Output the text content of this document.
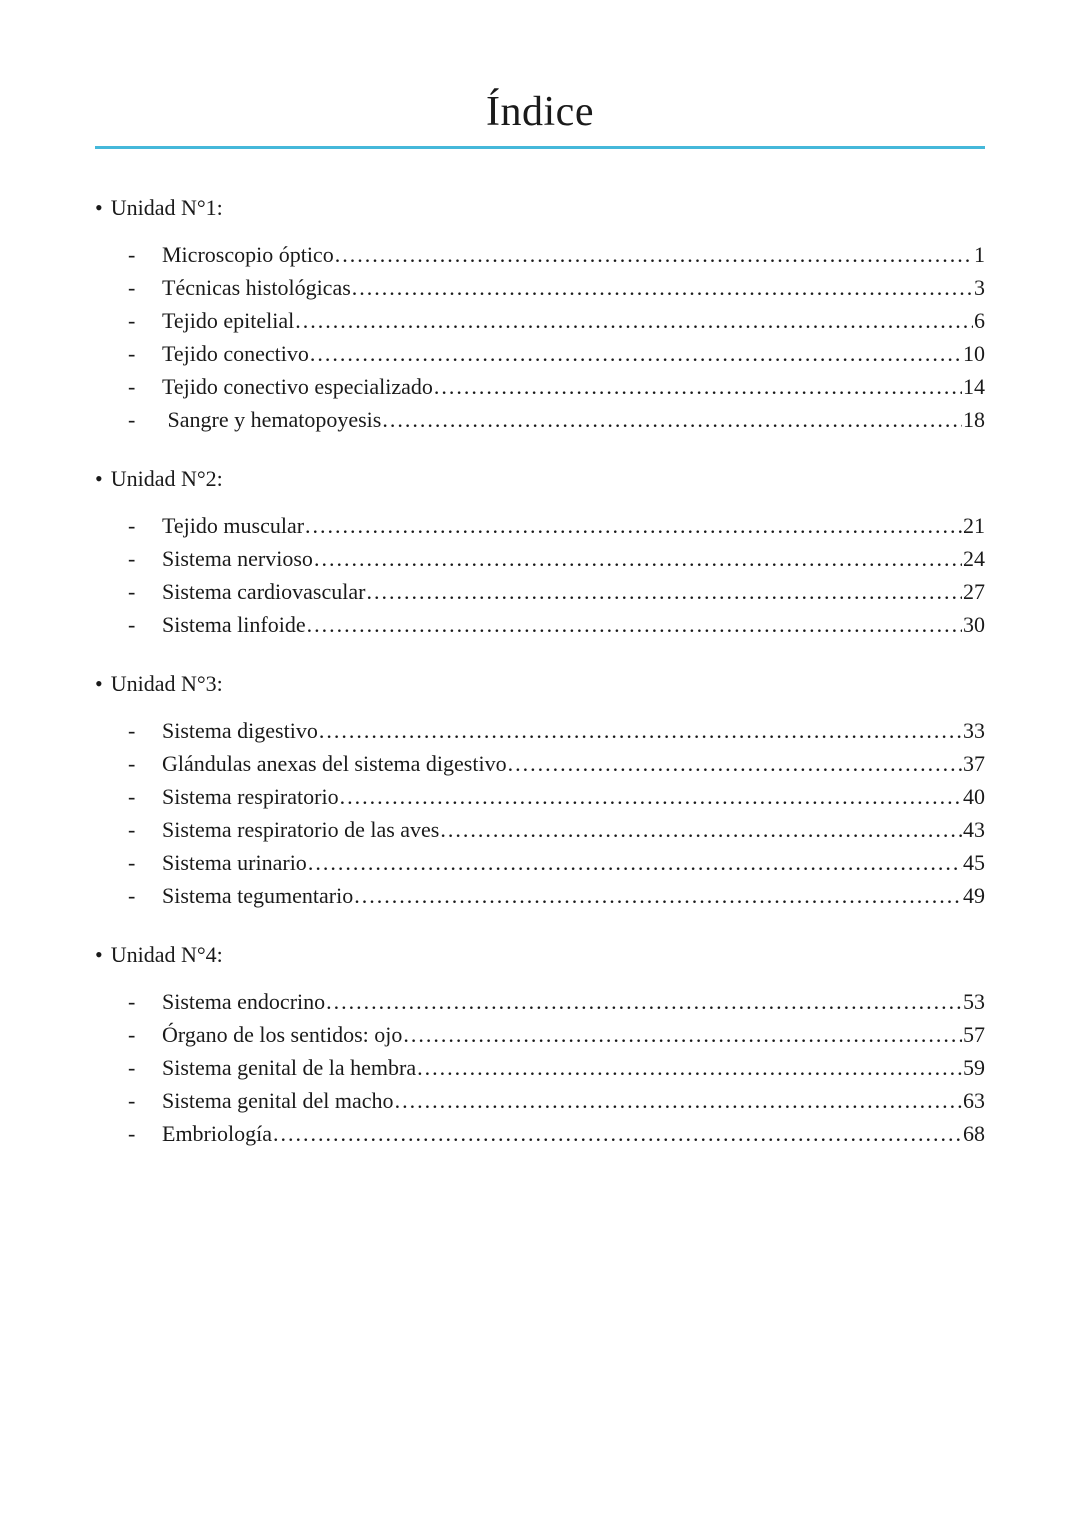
Índice
• Unidad N°1:
-	Microscopio óptico .....	1
-	Técnicas histológicas .....	3
-	Tejido epitelial .....	6
-	Tejido conectivo .....	10
-	Tejido conectivo especializado .....	14
-	Sangre y hematopoyesis .....	18
• Unidad N°2:
-	Tejido muscular .....	21
-	Sistema nervioso .....	24
-	Sistema cardiovascular .....	27
-	Sistema linfoide .....	30
• Unidad N°3:
-	Sistema digestivo .....	33
-	Glándulas anexas del sistema digestivo .....	37
-	Sistema respiratorio .....	40
-	Sistema respiratorio de las aves .....	43
-	Sistema urinario .....	45
-	Sistema tegumentario .....	49
• Unidad N°4:
-	Sistema endocrino .....	53
-	Órgano de los sentidos: ojo .....	57
-	Sistema genital de la hembra .....	59
-	Sistema genital del macho .....	63
-	Embriología .....	68
